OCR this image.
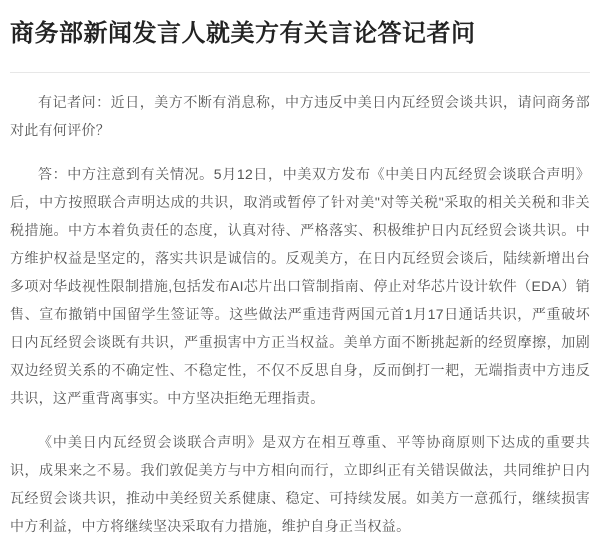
商务部新闻发言人就美方有关言论答记者问

有记者问：近日，美方不断有消息称，中方违反中美日内瓦经贸会谈共识，请问商务部对此有何评价？

答：中方注意到有关情况。5月12日，中美双方发布《中美日内瓦经贸会谈联合声明》后，中方按照联合声明达成的共识，取消或暂停了针对美"对等关税"采取的相关关税和非关税措施。中方本着负责任的态度，认真对待、严格落实、积极维护日内瓦经贸会谈共识。中方维护权益是坚定的，落实共识是诚信的。反观美方，在日内瓦经贸会谈后，陆续新增出台多项对华歧视性限制措施,包括发布AI芯片出口管制指南、停止对华芯片设计软件（EDA）销售、宣布撤销中国留学生签证等。这些做法严重违背两国元首1月17日通话共识，严重破坏日内瓦经贸会谈既有共识，严重损害中方正当权益。美单方面不断挑起新的经贸摩擦，加剧双边经贸关系的不确定性、不稳定性，不仅不反思自身，反而倒打一耙，无端指责中方违反共识，这严重背离事实。中方坚决拒绝无理指责。

《中美日内瓦经贸会谈联合声明》是双方在相互尊重、平等协商原则下达成的重要共识，成果来之不易。我们敦促美方与中方相向而行，立即纠正有关错误做法，共同维护日内瓦经贸会谈共识，推动中美经贸关系健康、稳定、可持续发展。如美方一意孤行，继续损害中方利益，中方将继续坚决采取有力措施，维护自身正当权益。
